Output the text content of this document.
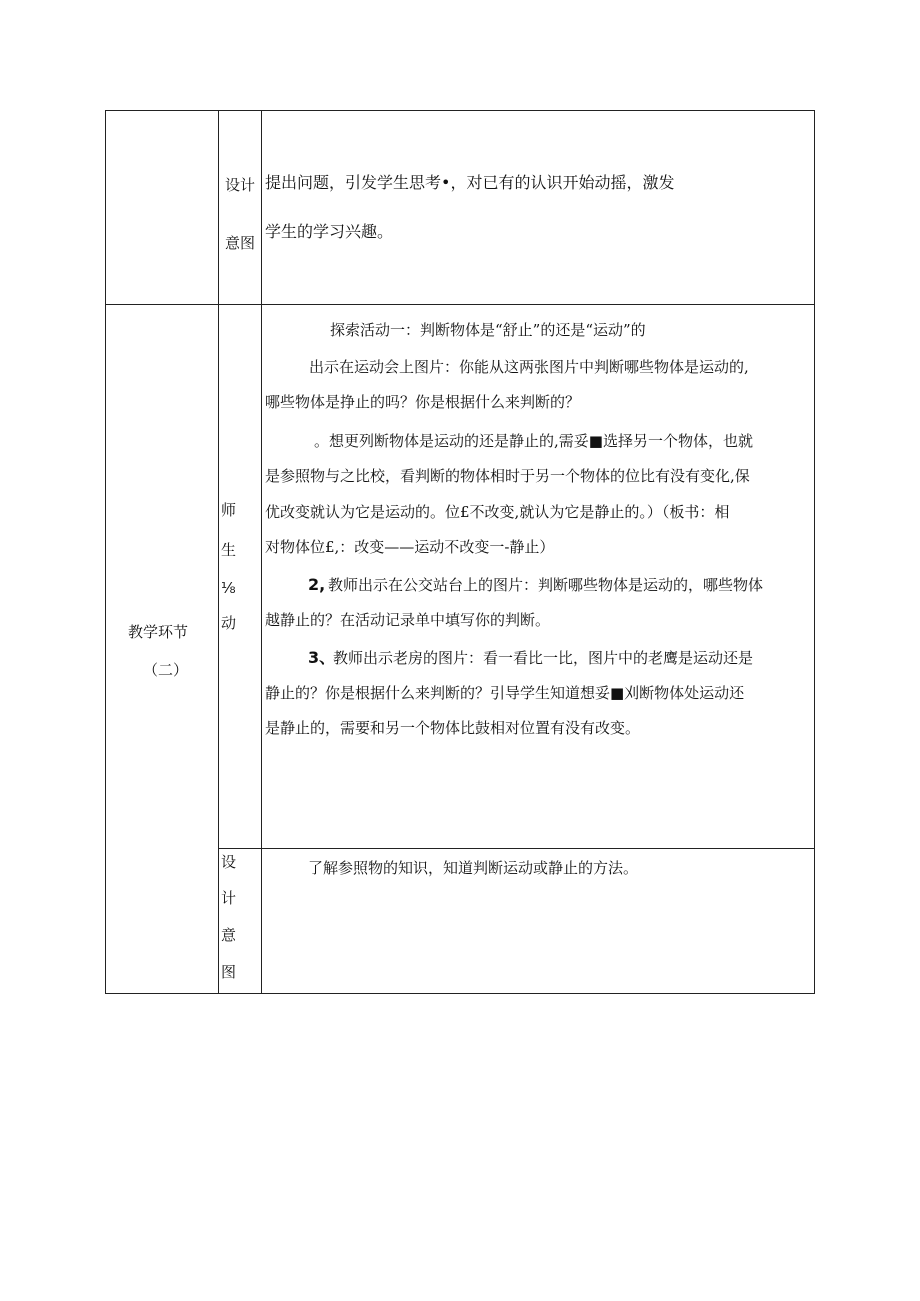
设计
意图
提出问题，引发学生思考•，对已有的认识开始动摇，激发
学生的学习兴趣。
教学环节
（二）
师
生
⅛
动
探索活动一：判断物体是“舒止”的还是“运动”的
出示在运动会上图片：你能从这两张图片中判断哪些物体是运动的,
哪些物体是挣止的吗？你是根据什么来判断的？
。想更列断物体是运动的还是静止的,需妥■选择另一个物体，也就
是参照物与之比校，看判断的物体相时于另一个物体的位比有没有变化,保
优改变就认为它是运动的。位£不改变,就认为它是静止的。）（板书：相
对物体位£,：改变——运动不改变一-静止）
2, 教师出示在公交站台上的图片：判断哪些物体是运动的，哪些物体
越静止的？在活动记录单中填写你的判断。
3、
教师出示老房的图片：看一看比一比，图片中的老鹰是运动还是
静止的？你是根据什么来判断的？引导学生知道想妥■刈断物体处运动还
是静止的，需要和另一个物体比鼓相对位置有没有改变。
设
计
意
图
了解参照物的知识，知道判断运动或静止的方法。
